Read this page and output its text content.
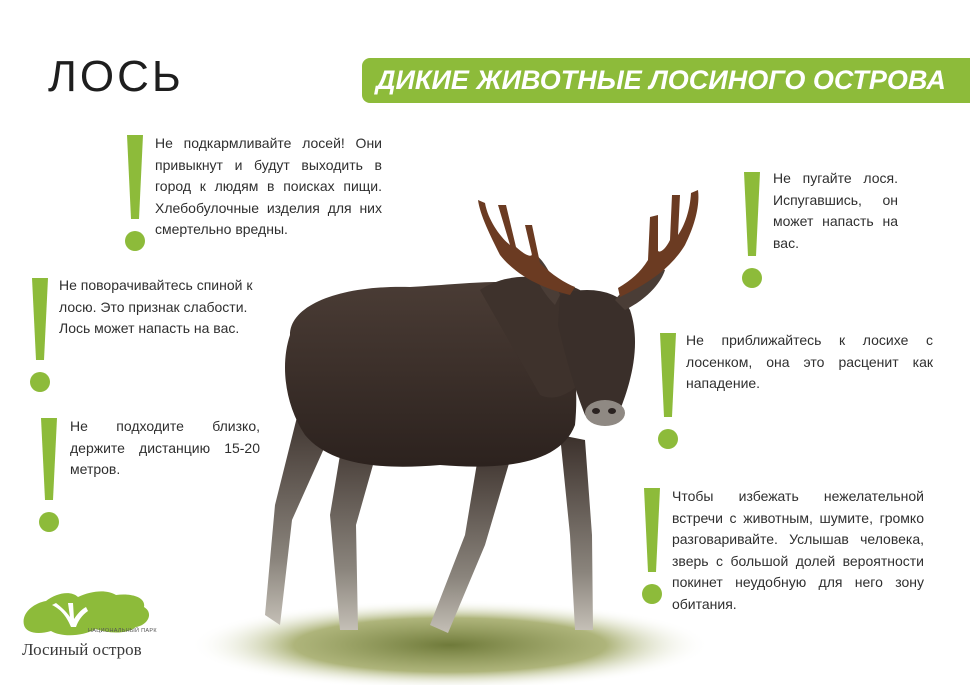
ЛОСЬ	ДИКИЕ ЖИВОТНЫЕ ЛОСИНОГО ОСТРОВА

Не подкармливайте лосей! Они привыкнут и будут выходить в город к людям в поисках пищи. Хлебобулочные изделия для них смертельно вредны.

Не поворачивайтесь спиной к лосю. Это признак слабости. Лось может напасть на вас.

Не подходите близко, держите дистанцию 15-20 метров.

Не пугайте лося. Испугавшись, он может напасть на вас.

Не приближайтесь к лосихе с лосенком, она это расценит как нападение.

Чтобы избежать нежелательной встречи с животным, шумите, громко разговаривайте. Услышав человека, зверь с большой долей вероятности покинет неудобную для него зону обитания.

НАЦИОНАЛЬНЫЙ ПАРК
Лосиный остров
